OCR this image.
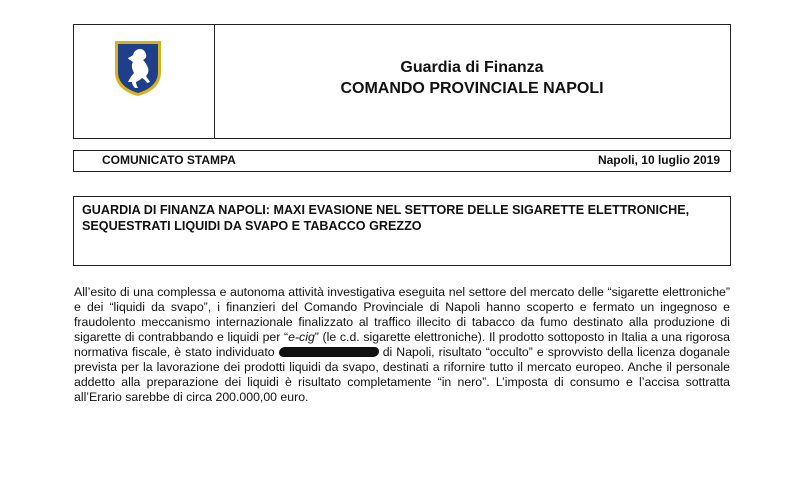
Guardia di Finanza
COMANDO PROVINCIALE NAPOLI
COMUNICATO STAMPA	Napoli, 10 luglio 2019

GUARDIA DI FINANZA NAPOLI: MAXI EVASIONE NEL SETTORE DELLE SIGARETTE ELETTRONICHE, SEQUESTRATI LIQUIDI DA SVAPO E TABACCO GREZZO

All’esito di una complessa e autonoma attività investigativa eseguita nel settore del mercato delle “sigarette elettroniche” e dei “liquidi da svapo”, i finanzieri del Comando Provinciale di Napoli hanno scoperto e fermato un ingegnoso e fraudolento meccanismo internazionale finalizzato al traffico illecito di tabacco da fumo destinato alla produzione di sigarette di contrabbando e liquidi per “e-cig” (le c.d. sigarette elettroniche). Il prodotto sottoposto in Italia a una rigorosa normativa fiscale, è stato individuato	di Napoli, risultato “occulto” e sprovvisto della licenza doganale prevista per la lavorazione dei prodotti liquidi da svapo, destinati a rifornire tutto il mercato europeo. Anche il personale addetto alla preparazione dei liquidi è risultato completamente “in nero”. L’imposta di consumo e l’accisa sottratta all’Erario sarebbe di circa 200.000,00 euro.
